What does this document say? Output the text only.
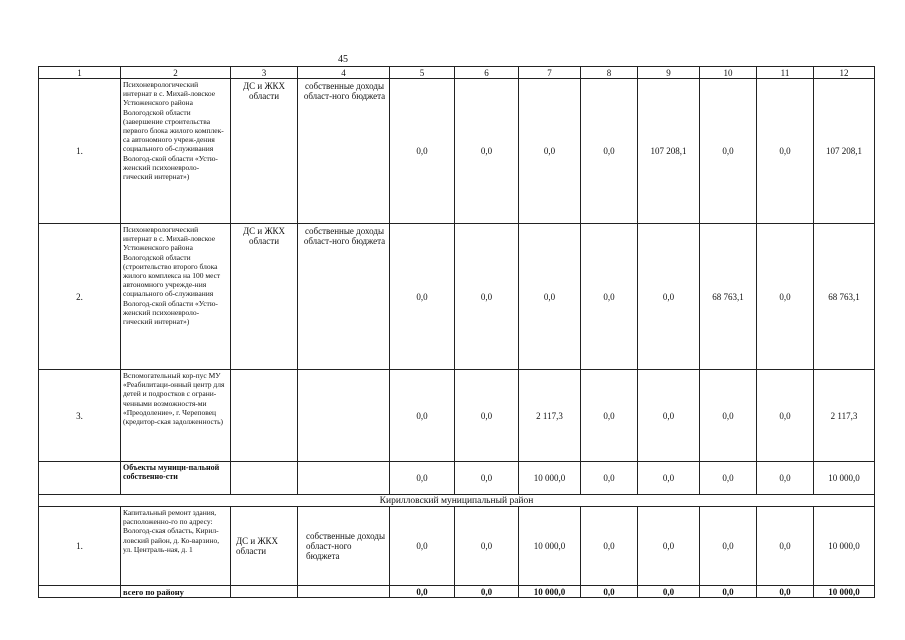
45
1	2	3	4	5	6	7	8	9	10	11	12
1.	Психоневрологический интернат в с. Михай-ловское Устюженского района Вологодской области (завершение строительства первого блока жилого комплек-са автономного учреж-дения социального об-служивания Вологод-ской области «Устю-женский психоневроло-гический интернат»)	ДС и ЖКХ области	собственные доходы област-ного бюджета	0,0	0,0	0,0	0,0	107 208,1	0,0	0,0	107 208,1
2.	Психоневрологический интернат в с. Михай-ловское Устюженского района Вологодской области (строительство второго блока жилого комплекса на 100 мест автономного учрежде-ния социального об-служивания Вологод-ской области «Устю-женский психоневроло-гический интернат»)	ДС и ЖКХ области	собственные доходы област-ного бюджета	0,0	0,0	0,0	0,0	0,0	68 763,1	0,0	68 763,1
3.	Вспомогательный кор-пус МУ «Реабилитаци-онный центр для детей и подростков с ограни-ченными возможностя-ми «Преодоление», г. Череповец (кредитор-ская задолженность)			0,0	0,0	2 117,3	0,0	0,0	0,0	0,0	2 117,3
	Объекты муници-пальной собственно-сти			0,0	0,0	10 000,0	0,0	0,0	0,0	0,0	10 000,0
Кирилловский муниципальный район											
1.	Капитальный ремонт здания, расположенно-го по адресу: Вологод-ская область, Кирил-ловский район, д. Ко-варзино, ул. Централь-ная, д. 1	ДС и ЖКХ области	собственные доходы област-ного бюджета	0,0	0,0	10 000,0	0,0	0,0	0,0	0,0	10 000,0
	всего по району			0,0	0,0	10 000,0	0,0	0,0	0,0	0,0	10 000,0
